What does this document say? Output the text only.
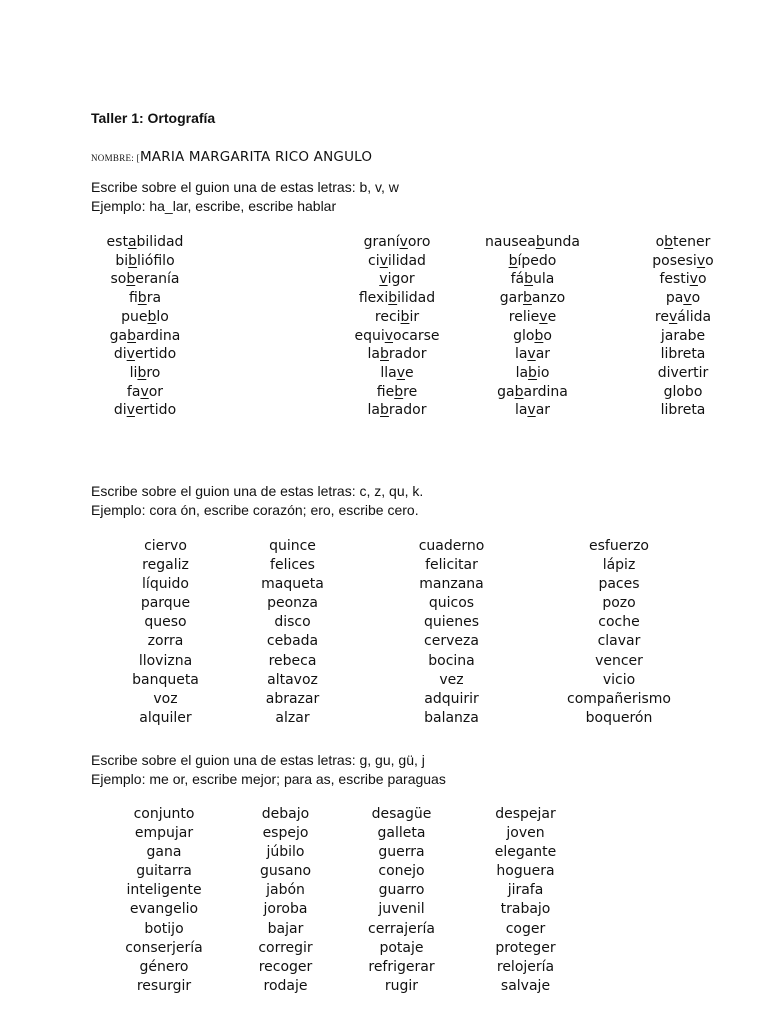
Taller 1: Ortografía
NOMBRE: [MARIA MARGARITA RICO ANGULO
Escribe sobre el guion una de estas letras: b, v, w
Ejemplo: ha_lar, escribe, escribe hablar
estabilidad
bibliófilo
soberanía
fibra
pueblo
gabardina
divertido
libro
favor
divertido
granívoro
civilidad
vigor
flexibilidad
recibir
equivocarse
labrador
llave
fiebre
labrador
nauseabunda
bípedo
fábula
garbanzo
relieve
globo
lavar
labio
gabardina
lavar
obtener
posesivo
festivo
pavo
reválida
jarabe
libreta
divertir
globo
libreta
Escribe sobre el guion una de estas letras: c, z, qu, k.
Ejemplo: cora ón, escribe corazón; ero, escribe cero.
ciervo
regaliz
líquido
parque
queso
zorra
llovizna
banqueta
voz
alquiler
quince
felices
maqueta
peonza
disco
cebada
rebeca
altavoz
abrazar
alzar
cuaderno
felicitar
manzana
quicos
quienes
cerveza
bocina
vez
adquirir
balanza
esfuerzo
lápiz
paces
pozo
coche
clavar
vencer
vicio
compañerismo
boquerón
Escribe sobre el guion una de estas letras: g, gu, gü, j
Ejemplo: me or, escribe mejor; para as, escribe paraguas
conjunto
empujar
gana
guitarra
inteligente
evangelio
botijo
conserjería
género
resurgir
debajo
espejo
júbilo
gusano
jabón
joroba
bajar
corregir
recoger
rodaje
desagüe
galleta
guerra
conejo
guarro
juvenil
cerrajería
potaje
refrigerar
rugir
despejar
joven
elegante
hoguera
jirafa
trabajo
coger
proteger
relojería
salvaje
